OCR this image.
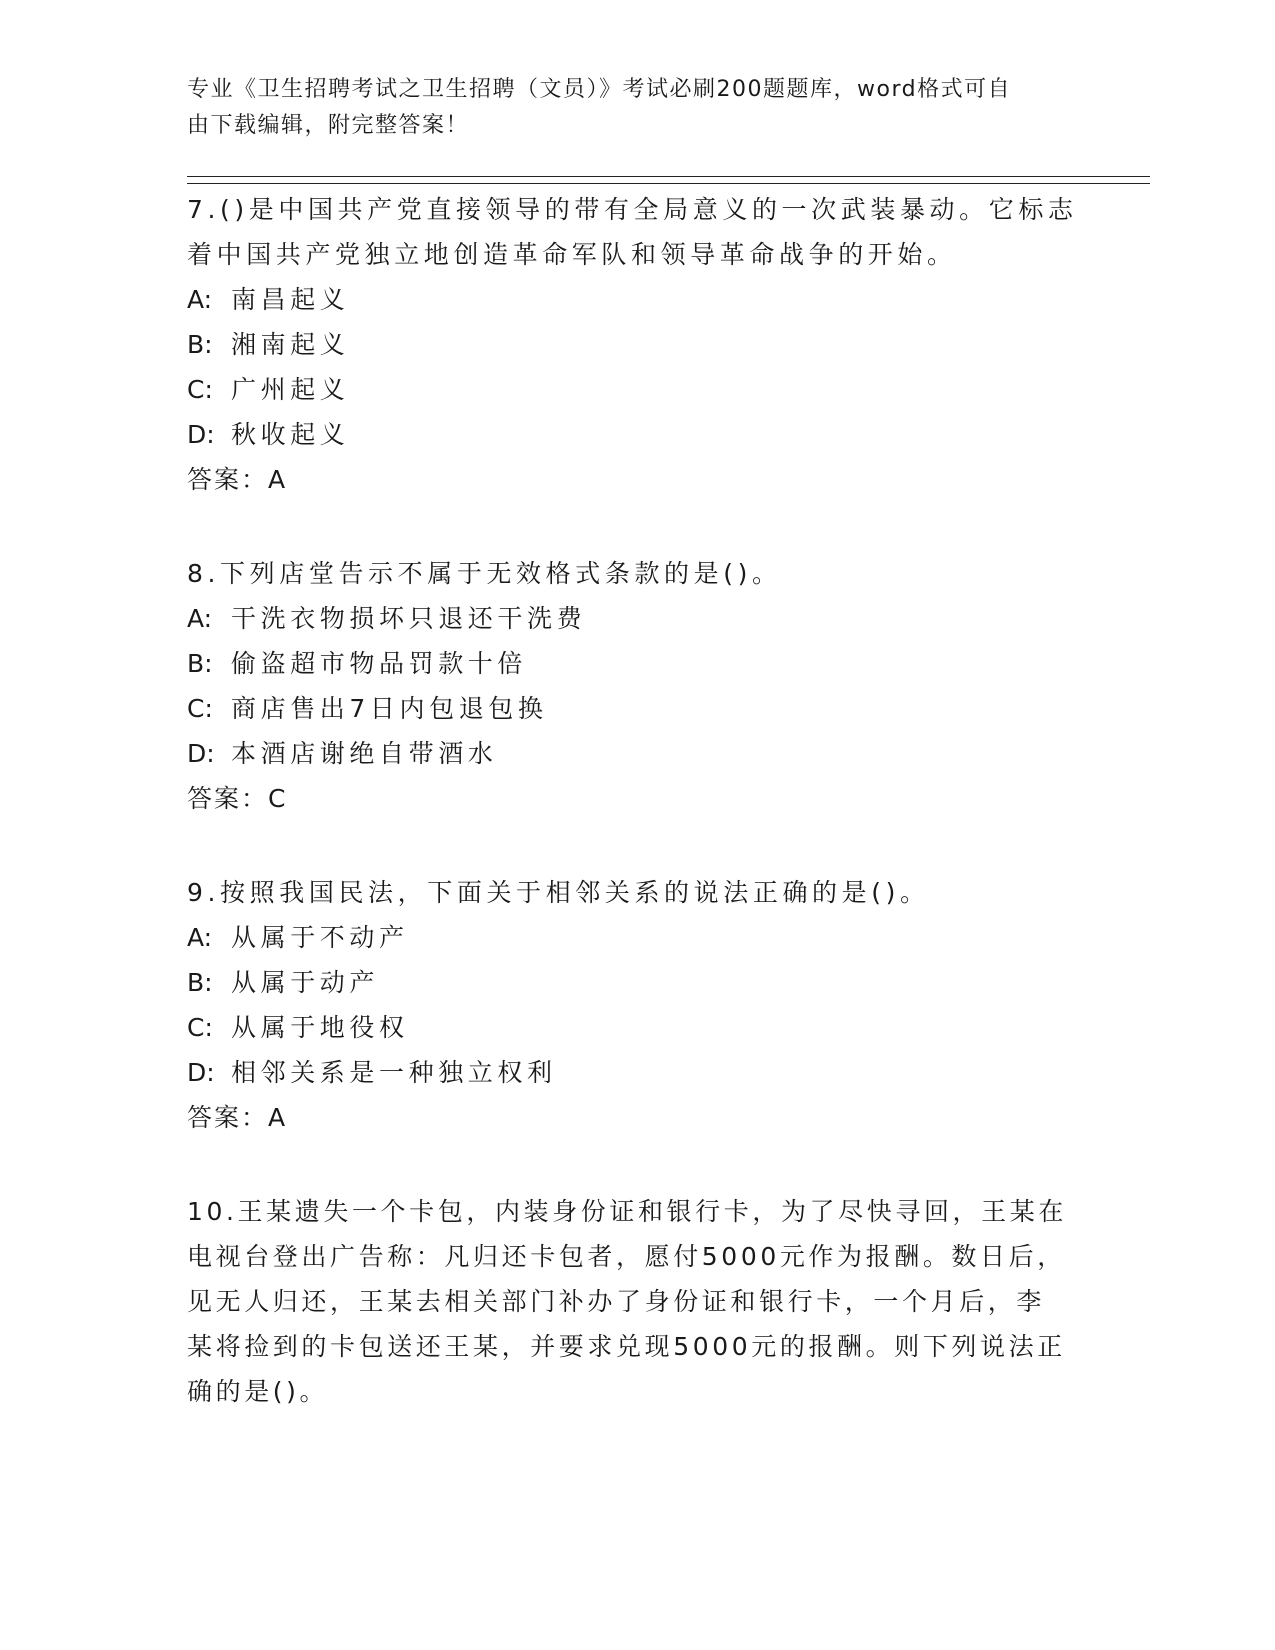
专业《卫生招聘考试之卫生招聘（文员）》考试必刷200题题库，word格式可自
由下载编辑，附完整答案！

7.()是中国共产党直接领导的带有全局意义的一次武装暴动。它标志

着中国共产党独立地创造革命军队和领导革命战争的开始。

A: 南昌起义

B: 湘南起义

C: 广州起义

D: 秋收起义

答案：A

8.下列店堂告示不属于无效格式条款的是()。

A: 干洗衣物损坏只退还干洗费

B: 偷盗超市物品罚款十倍

C: 商店售出7日内包退包换

D: 本酒店谢绝自带酒水

答案：C

9.按照我国民法，下面关于相邻关系的说法正确的是()。

A: 从属于不动产

B: 从属于动产

C: 从属于地役权

D: 相邻关系是一种独立权利

答案：A

10.王某遗失一个卡包，内装身份证和银行卡，为了尽快寻回，王某在

电视台登出广告称：凡归还卡包者，愿付5000元作为报酬。数日后，

见无人归还，王某去相关部门补办了身份证和银行卡，一个月后，李

某将捡到的卡包送还王某，并要求兑现5000元的报酬。则下列说法正

确的是()。
